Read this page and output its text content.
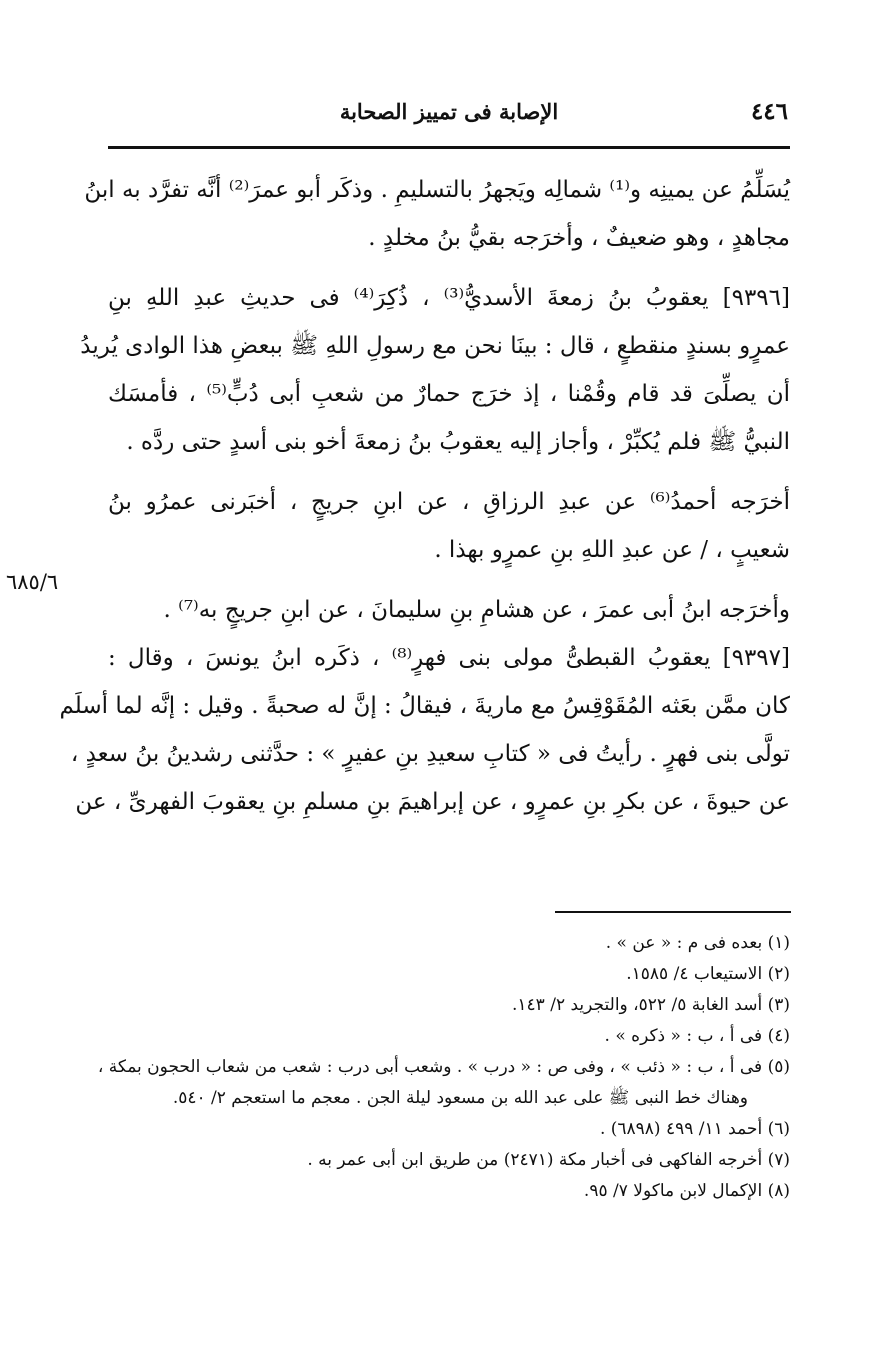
٤٤٦
الإصابة فى تمييز الصحابة
٦٨٥/٦
يُسَلِّمُ عن يمينِه و⁽¹⁾ شمالِه ويَجهرُ بالتسليمِ . وذكَر أبو عمرَ⁽²⁾ أنَّه تفرَّد به ابنُ
مجاهدٍ ، وهو ضعيفٌ ، وأخرَجه بقيُّ بنُ مخلدٍ .
[٩٣٩٦] يعقوبُ بنُ زمعةَ الأسديُّ⁽³⁾ ، ذُكِرَ⁽⁴⁾ فى حديثِ عبدِ اللهِ بنِ
عمرٍو بسندٍ منقطعٍ ، قال : بينَا نحن مع رسولِ اللهِ ﷺ ببعضِ هذا الوادى يُريدُ
أن يصلِّىَ قد قام وقُمْنا ، إذ خرَج حمارٌ من شعبِ أبى دُبٍّ⁽⁵⁾ ، فأمسَك
النبيُّ ﷺ فلم يُكبِّرْ ، وأجاز إليه يعقوبُ بنُ زمعةَ أخو بنى أسدٍ حتى ردَّه .
أخرَجه أحمدُ⁽⁶⁾ عن عبدِ الرزاقِ ، عن ابنِ جريجٍ ، أخبَرنى عمرُو بنُ
شعيبٍ ، / عن عبدِ اللهِ بنِ عمرٍو بهذا .
وأخرَجه ابنُ أبى عمرَ ، عن هشامِ بنِ سليمانَ ، عن ابنِ جريجٍ به⁽⁷⁾ .
[٩٣٩٧] يعقوبُ القبطىُّ مولى بنى فهرٍ⁽⁸⁾ ، ذكَره ابنُ يونسَ ، وقال :
كان ممَّن بعَثه المُقَوْقِسُ مع ماريةَ ، فيقالُ : إنَّ له صحبةً . وقيل : إنَّه لما أسلَم
تولَّى بنى فهرٍ . رأيتُ فى « كتابِ سعيدِ بنِ عفيرٍ » : حدَّثنى رشدينُ بنُ سعدٍ ،
عن حيوةَ ، عن بكرِ بنِ عمرٍو ، عن إبراهيمَ بنِ مسلمِ بنِ يعقوبَ الفهرىِّ ، عن
(١) بعده فى م : « عن » .
(٢) الاستيعاب ٤/ ١٥٨٥.
(٣) أسد الغابة ٥/ ٥٢٢، والتجريد ٢/ ١٤٣.
(٤) فى أ ، ب : « ذكره » .
(٥) فى أ ، ب : « ذئب » ، وفى ص : « درب » . وشعب أبى درب : شعب من شعاب الحجون بمكة ،
وهناك خط النبى ﷺ على عبد الله بن مسعود ليلة الجن . معجم ما استعجم ٢/ ٥٤٠.
(٦) أحمد ١١/ ٤٩٩ (٦٨٩٨) .
(٧) أخرجه الفاكهى فى أخبار مكة (٢٤٧١) من طريق ابن أبى عمر به .
(٨) الإكمال لابن ماكولا ٧/ ٩٥.
